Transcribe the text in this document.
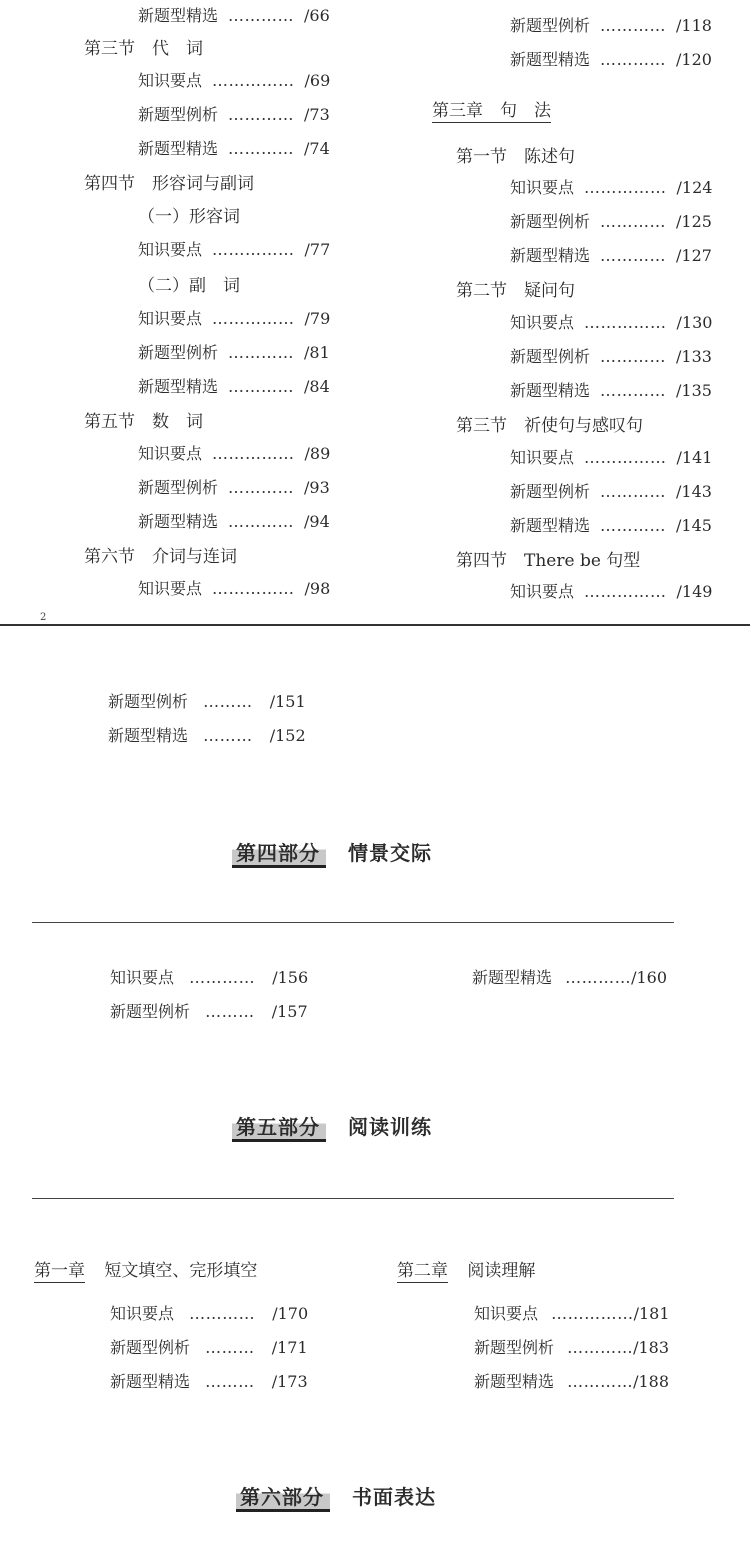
新题型精选 ………… /66
第三节　代　词
知识要点 …………… /69
新题型例析 ………… /73
新题型精选 ………… /74
第四节　形容词与副词
（一）形容词
知识要点 …………… /77
（二）副　词
知识要点 …………… /79
新题型例析 ………… /81
新题型精选 ………… /84
第五节　数　词
知识要点 …………… /89
新题型例析 ………… /93
新题型精选 ………… /94
第六节　介词与连词
知识要点 …………… /98
新题型例析 ………… /118
新题型精选 ………… /120
第三章　句　法
第一节　陈述句
知识要点 …………… /124
新题型例析 ………… /125
新题型精选 ………… /127
第二节　疑问句
知识要点 …………… /130
新题型例析 ………… /133
新题型精选 ………… /135
第三节　祈使句与感叹句
知识要点 …………… /141
新题型例析 ………… /143
新题型精选 ………… /145
第四节　There be 句型
知识要点 …………… /149
2
新题型例析 ……… /151
新题型精选 ……… /152
第四部分 情景交际
知识要点 ………… /156
新题型例析 ……… /157
新题型精选 …………/160
第五部分 阅读训练
第一章 短文填空、完形填空	第二章 阅读理解
知识要点 ………… /170
新题型例析 ……… /171
新题型精选 ……… /173
知识要点 ……………/181
新题型例析 …………/183
新题型精选 …………/188
第六部分 书面表达
